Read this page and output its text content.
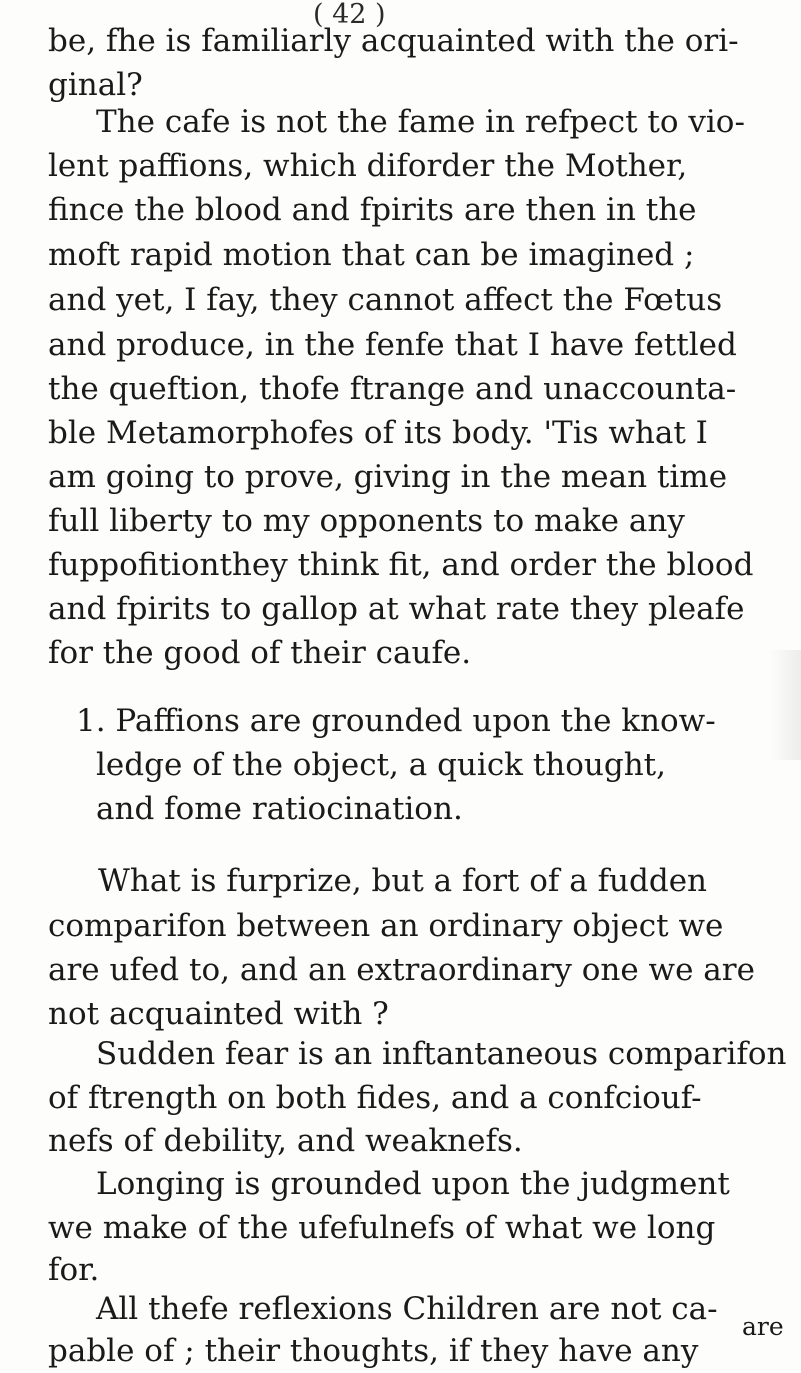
( 42 )
be, fhe is familiarly acquainted with the ori-
ginal?
The cafe is not the fame in refpect to vio-
lent paffions, which diforder the Mother,
fince the blood and fpirits are then in the
moft rapid motion that can be imagined ;
and yet, I fay, they cannot affect the Fœtus
and produce, in the fenfe that I have fettled
the queftion, thofe ftrange and unaccounta-
ble Metamorphofes of its body. 'Tis what I
am going to prove, giving in the mean time
full liberty to my opponents to make any
fuppofitionthey think fit, and order the blood
and fpirits to gallop at what rate they pleafe
for the good of their caufe.
1. Paffions are grounded upon the know-
ledge of the object, a quick thought,
and fome ratiocination.
What is furprize, but a fort of a fudden
comparifon between an ordinary object we
are ufed to, and an extraordinary one we are
not acquainted with ?
Sudden fear is an inftantaneous comparifon
of ftrength on both fides, and a confciouf-
nefs of debility, and weaknefs.
Longing is grounded upon the judgment
we make of the ufefulnefs of what we long
for.
All thefe reflexions Children are not ca-
pable of ; their thoughts, if they have any
are
